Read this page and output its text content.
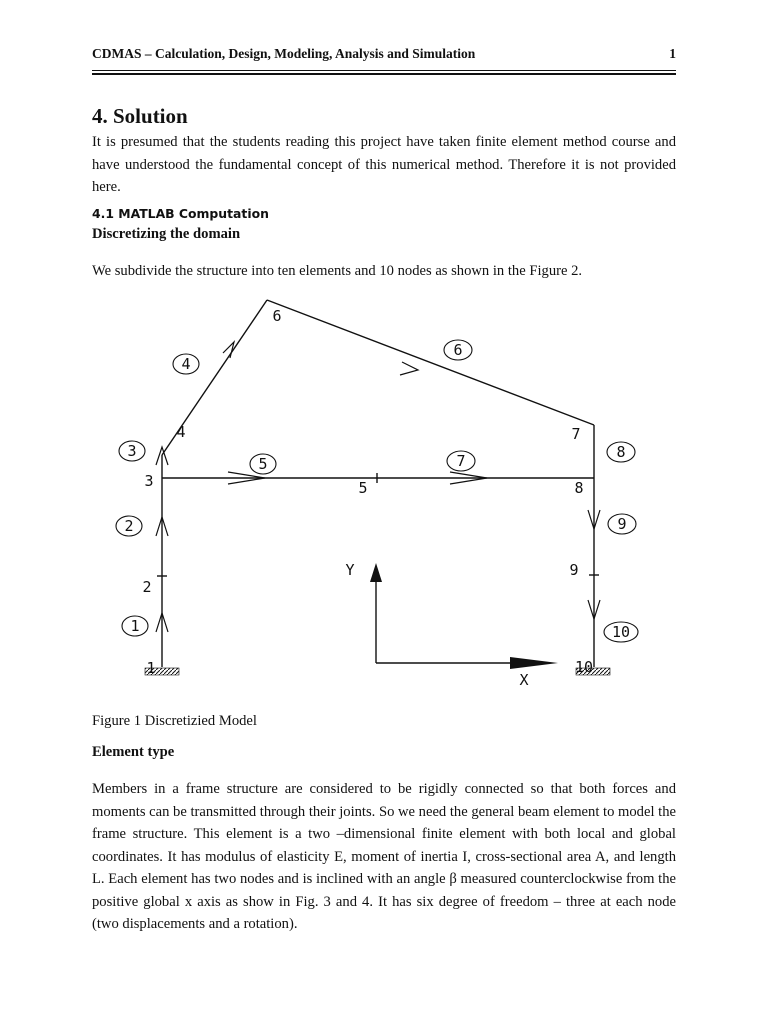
CDMAS – Calculation, Design, Modeling, Analysis and Simulation	1
4. Solution
It is presumed that the students reading this project have taken finite element method course and have understood the fundamental concept of this numerical method. Therefore it is not provided here.
4.1 MATLAB Computation
Discretizing the domain
We subdivide the structure into ten elements and 10 nodes as shown in the Figure 2.
1
2
3
4
5
6
7	8
9
10
1
2
3
4
5
6
7
8
9
10
Y
X
Figure 1 Discretizied Model
Element type
Members in a frame structure are considered to be rigidly connected so that both forces and moments can be transmitted through their joints. So we need the general beam element to model the frame structure. This element is a two –dimensional finite element with both local and global coordinates. It has modulus of elasticity E, moment of inertia I, cross-sectional area A, and length L. Each element has two nodes and is inclined with an angle β measured counterclockwise from the positive global x axis as show in Fig. 3 and 4. It has six degree of freedom – three at each node (two displacements and a rotation).
